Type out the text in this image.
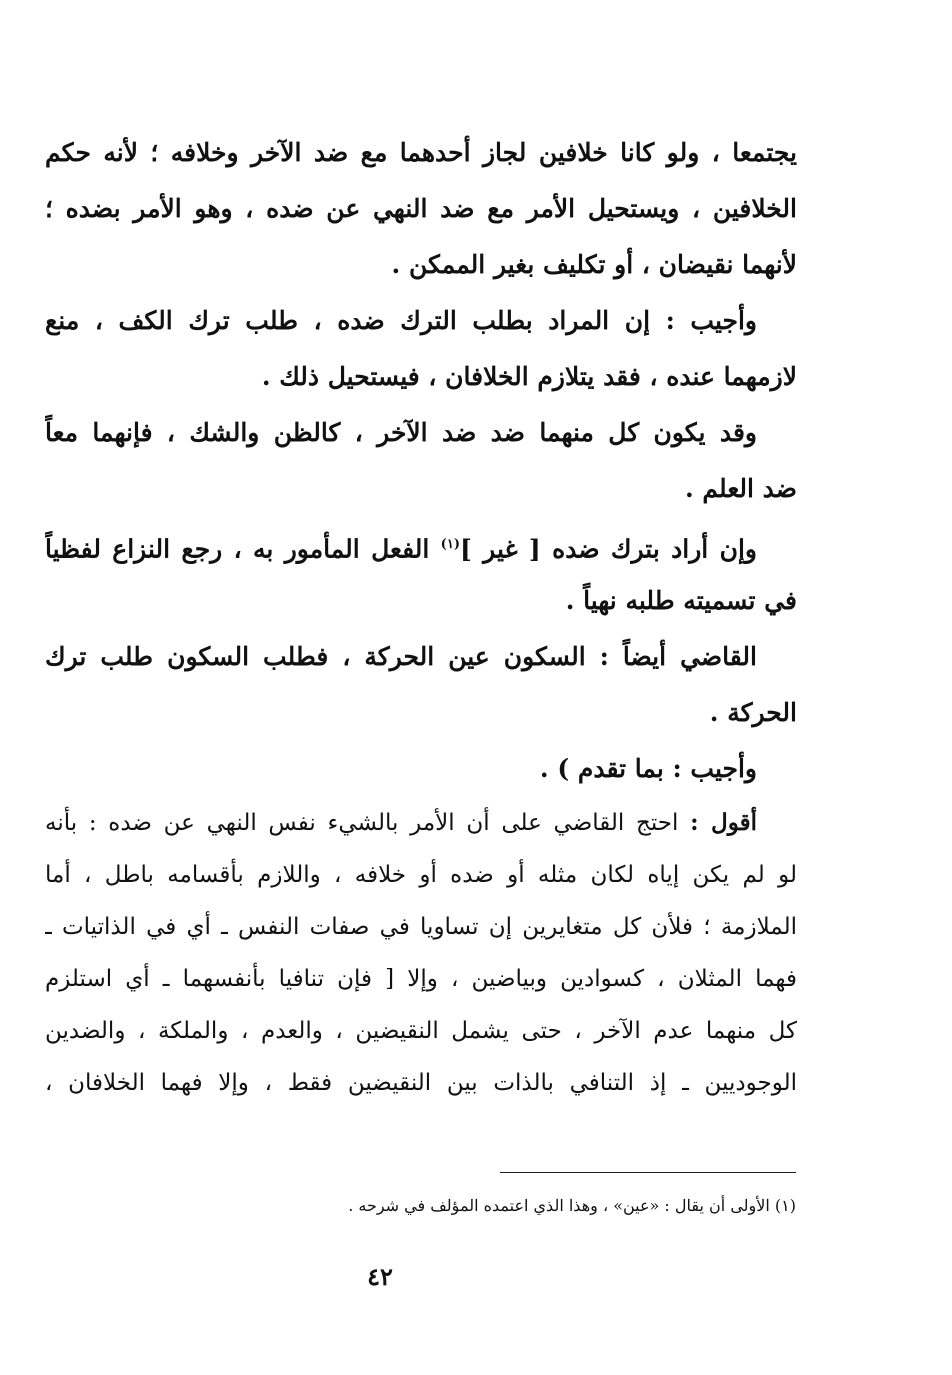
يجتمعا ، ولو كانا خلافين لجاز أحدهما مع ضد الآخر وخلافه ؛ لأنه حكم
الخلافين ، ويستحيل الأمر مع ضد النهي عن ضده ، وهو الأمر بضده ؛
لأنهما نقيضان ، أو تكليف بغير الممكن .
وأجيب : إن المراد بطلب الترك ضده ، طلب ترك الكف ، منع
لازمهما عنده ، فقد يتلازم الخلافان ، فيستحيل ذلك .
وقد يكون كل منهما ضد ضد الآخر ، كالظن والشك ، فإنهما معاً
ضد العلم .
وإن أراد بترك ضده [ غير ]$^{(١)}$ الفعل المأمور به ، رجع النزاع لفظياً
في تسميته طلبه نهياً .
القاضي أيضاً : السكون عين الحركة ، فطلب السكون طلب ترك
الحركة .
وأجيب : بما تقدم ) .
أقول : احتج القاضي على أن الأمر بالشيء نفس النهي عن ضده : بأنه
لو لم يكن إياه لكان مثله أو ضده أو خلافه ، واللازم بأقسامه باطل ، أما
الملازمة ؛ فلأن كل متغايرين إن تساويا في صفات النفس ـ أي في الذاتيات ـ
فهما المثلان ، كسوادين وبياضين ، وإلا [ فإن تنافيا بأنفسهما ـ أي استلزم
كل منهما عدم الآخر ، حتى يشمل النقيضين ، والعدم ، والملكة ، والضدين
الوجوديين ـ إذ التنافي بالذات بين النقيضين فقط ، وإلا فهما الخلافان ،
(١) الأولى أن يقال : «عين» ، وهذا الذي اعتمده المؤلف في شرحه .
٤٢
